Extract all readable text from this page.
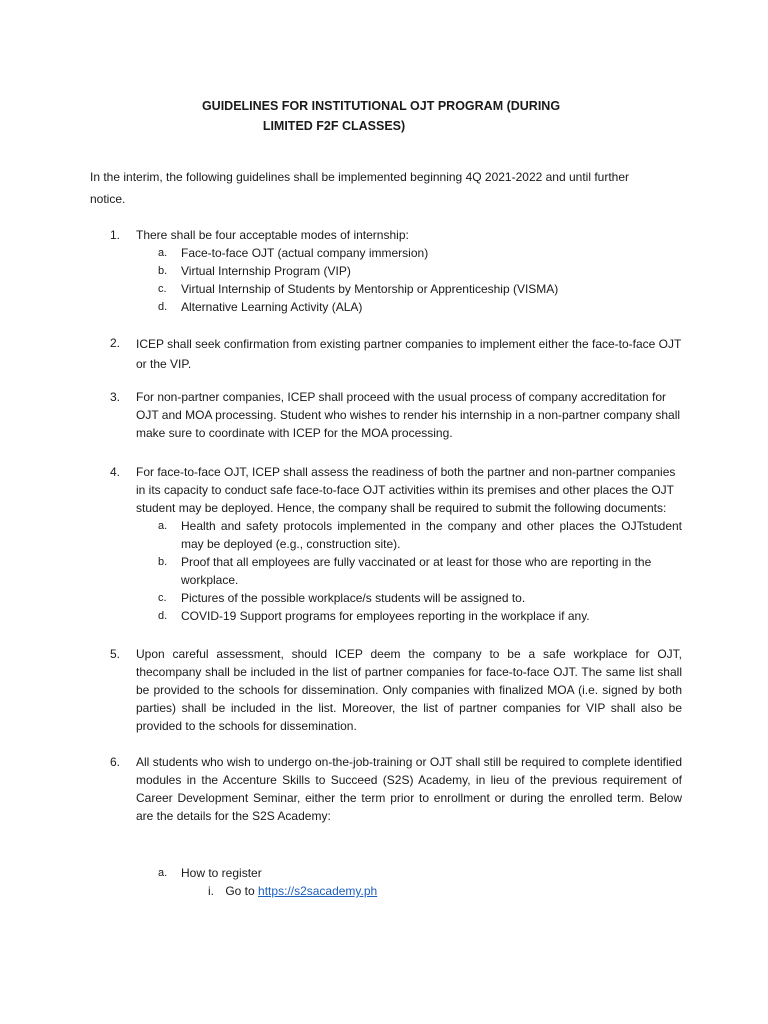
GUIDELINES FOR INSTITUTIONAL OJT PROGRAM (DURING
LIMITED F2F CLASSES)
In the interim, the following guidelines shall be implemented beginning 4Q 2021-2022 and until further notice.
1.	There shall be four acceptable modes of internship:
a. Face-to-face OJT (actual company immersion)
b. Virtual Internship Program (VIP)
c. Virtual Internship of Students by Mentorship or Apprenticeship (VISMA)
d. Alternative Learning Activity (ALA)
2.	ICEP shall seek confirmation from existing partner companies to implement either the face-to-face OJT or the VIP.
3.	For non-partner companies, ICEP shall proceed with the usual process of company accreditation for OJT and MOA processing. Student who wishes to render his internship in a non-partner company shall make sure to coordinate with ICEP for the MOA processing.
4.	For face-to-face OJT, ICEP shall assess the readiness of both the partner and non-partner companies in its capacity to conduct safe face-to-face OJT activities within its premises and other places the OJT student may be deployed. Hence, the company shall be required to submit the following documents:
a. Health and safety protocols implemented in the company and other places the OJTstudent may be deployed (e.g., construction site).
b. Proof that all employees are fully vaccinated or at least for those who are reporting in the workplace.
c. Pictures of the possible workplace/s students will be assigned to.
d. COVID-19 Support programs for employees reporting in the workplace if any.
5.	Upon careful assessment, should ICEP deem the company to be a safe workplace for OJT, thecompany shall be included in the list of partner companies for face-to-face OJT. The same list shall be provided to the schools for dissemination. Only companies with finalized MOA (i.e. signed by both parties) shall be included in the list. Moreover, the list of partner companies for VIP shall also be provided to the schools for dissemination.
6.	All students who wish to undergo on-the-job-training or OJT shall still be required to complete identified modules in the Accenture Skills to Succeed (S2S) Academy, in lieu of the previous requirement of Career Development Seminar, either the term prior to enrollment or during the enrolled term. Below are the details for the S2S Academy:
a. How to register
i. Go to https://s2sacademy.ph
